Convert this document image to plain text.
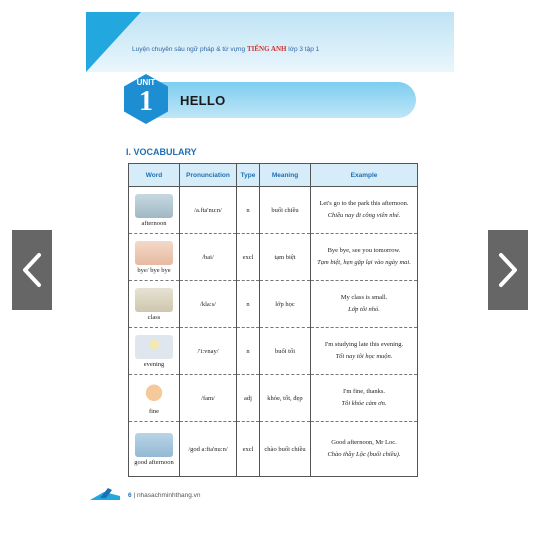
Luyện chuyên sâu ngữ pháp & từ vựng TIẾNG ANH lớp 3 tập 1
UNIT
1	HELLO
I. VOCABULARY
Word	Pronunciation	Type	Meaning	Example

afternoon	/a.fta'nu:n/	n	buổi chiều	Let's go to the park this afternoon.
Chiều nay đi công viên nhé.

bye/ bye bye	/bai/	excl	tạm biệt	Bye bye, see you tomorrow.
Tạm biệt, hẹn gặp lại vào ngày mai.

class	/kla:s/	n	lớp học	My class is small.
Lớp tôi nhỏ.

evening	/'i:vnay/	n	buổi tối	I'm studying late this evening.
Tối nay tôi học muộn.

fine	/fam/	adj	khỏe, tốt, đẹp	I'm fine, thanks.
Tôi khỏe cảm ơn.

good afternoon	/god a:fta'nu:n/	excl	chào buổi chiều	Good afternoon, Mr Loc.
Chào thầy Lộc (buổi chiều).
6 | nhasachminhthang.vn
